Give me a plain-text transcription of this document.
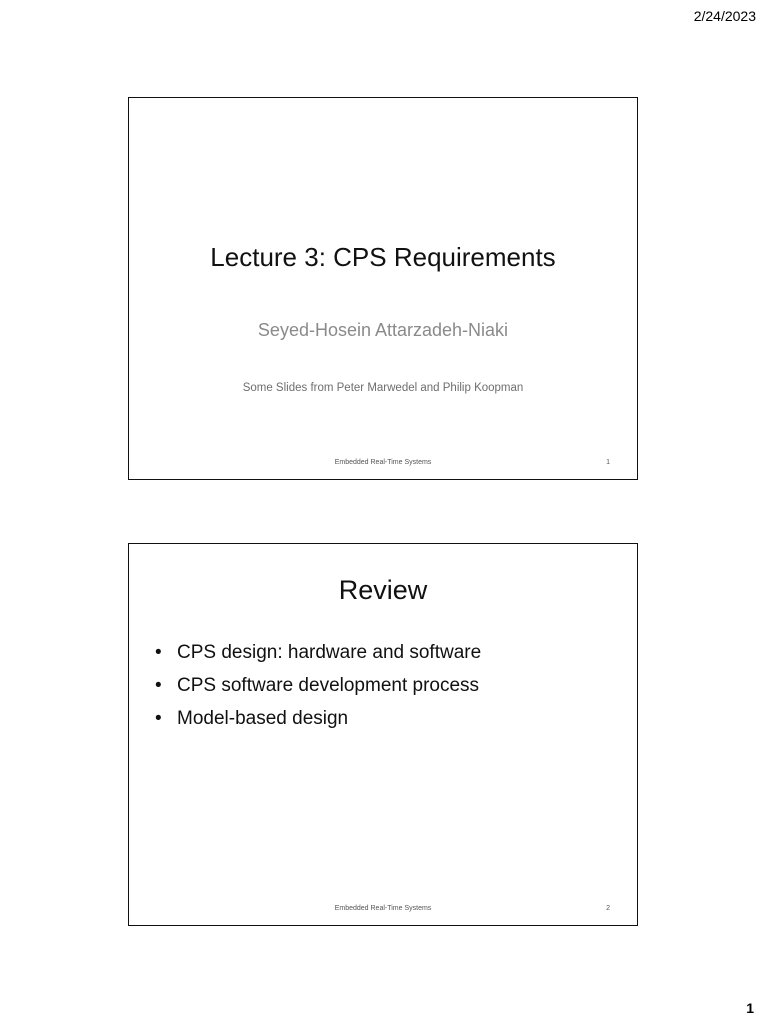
2/24/2023
Lecture 3: CPS Requirements
Seyed-Hosein Attarzadeh-Niaki
Some Slides from Peter Marwedel and Philip Koopman
Embedded Real-Time Systems	1
Review
• CPS design: hardware and software
• CPS software development process
• Model-based design
Embedded Real-Time Systems	2
1
